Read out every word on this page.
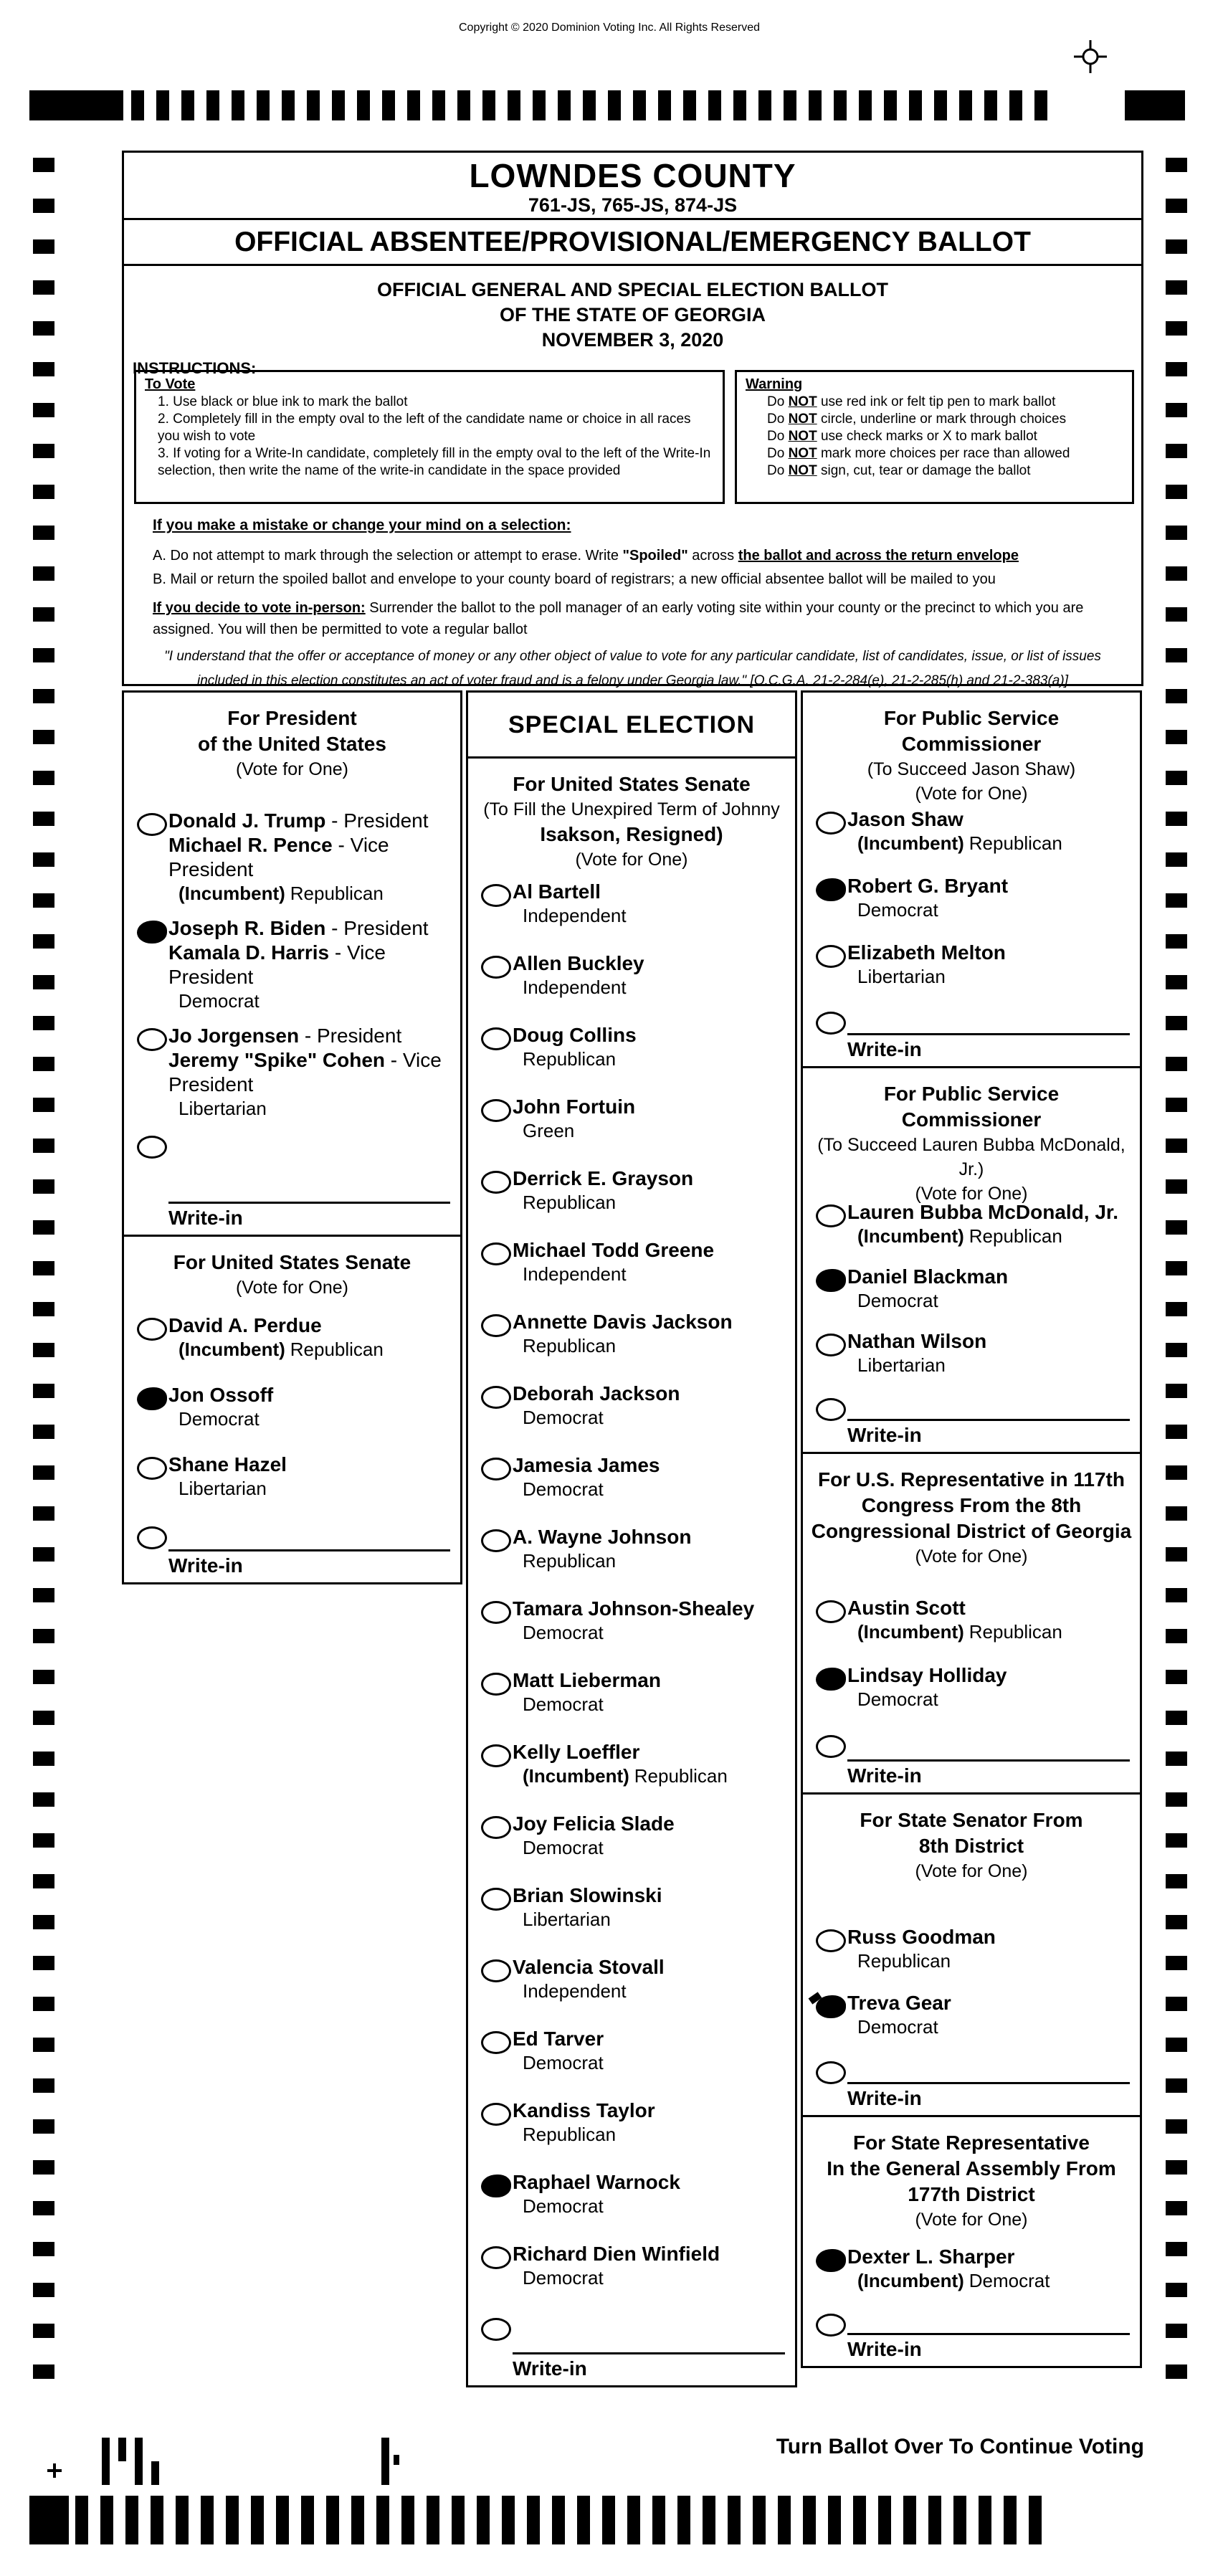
Copyright © 2020 Dominion Voting Inc. All Rights Reserved
LOWNDES COUNTY
761-JS, 765-JS, 874-JS
OFFICIAL ABSENTEE/PROVISIONAL/EMERGENCY BALLOT
OFFICIAL GENERAL AND SPECIAL ELECTION BALLOT
OF THE STATE OF GEORGIA
NOVEMBER 3, 2020
INSTRUCTIONS:
To Vote
1. Use black or blue ink to mark the ballot
2. Completely fill in the empty oval to the left of the candidate name or choice in all races you wish to vote
3. If voting for a Write-In candidate, completely fill in the empty oval to the left of the Write-In selection, then write the name of the write-in candidate in the space provided
Warning
Do NOT use red ink or felt tip pen to mark ballot
Do NOT circle, underline or mark through choices
Do NOT use check marks or X to mark ballot
Do NOT mark more choices per race than allowed
Do NOT sign, cut, tear or damage the ballot
If you make a mistake or change your mind on a selection:
A. Do not attempt to mark through the selection or attempt to erase. Write "Spoiled" across the ballot and across the return envelope
B. Mail or return the spoiled ballot and envelope to your county board of registrars; a new official absentee ballot will be mailed to you
If you decide to vote in-person: Surrender the ballot to the poll manager of an early voting site within your county or the precinct to which you are assigned. You will then be permitted to vote a regular ballot
"I understand that the offer or acceptance of money or any other object of value to vote for any particular candidate, list of candidates, issue, or list of issues included in this election constitutes an act of voter fraud and is a felony under Georgia law." [O.C.G.A. 21-2-284(e), 21-2-285(h) and 21-2-383(a)]
For President
of the United States
(Vote for One)
Donald J. Trump - President
Michael R. Pence - Vice President
(Incumbent) Republican
Joseph R. Biden - President
Kamala D. Harris - Vice President
Democrat
Jo Jorgensen - President
Jeremy "Spike" Cohen - Vice President
Libertarian
Write-in
For United States Senate
(Vote for One)
David A. Perdue
(Incumbent) Republican
Jon Ossoff
Democrat
Shane Hazel
Libertarian
Write-in
SPECIAL ELECTION
For United States Senate
(To Fill the Unexpired Term of Johnny
Isakson, Resigned)
(Vote for One)
Al Bartell
Independent
Allen Buckley
Independent
Doug Collins
Republican
John Fortuin
Green
Derrick E. Grayson
Republican
Michael Todd Greene
Independent
Annette Davis Jackson
Republican
Deborah Jackson
Democrat
Jamesia James
Democrat
A. Wayne Johnson
Republican
Tamara Johnson-Shealey
Democrat
Matt Lieberman
Democrat
Kelly Loeffler
(Incumbent) Republican
Joy Felicia Slade
Democrat
Brian Slowinski
Libertarian
Valencia Stovall
Independent
Ed Tarver
Democrat
Kandiss Taylor
Republican
Raphael Warnock
Democrat
Richard Dien Winfield
Democrat
Write-in
For Public Service
Commissioner
(To Succeed Jason Shaw)
(Vote for One)
Jason Shaw
(Incumbent) Republican
Robert G. Bryant
Democrat
Elizabeth Melton
Libertarian
Write-in
For Public Service
Commissioner
(To Succeed Lauren Bubba McDonald, Jr.)
(Vote for One)
Lauren Bubba McDonald, Jr.
(Incumbent) Republican
Daniel Blackman
Democrat
Nathan Wilson
Libertarian
Write-in
For U.S. Representative in 117th
Congress From the 8th
Congressional District of Georgia
(Vote for One)
Austin Scott
(Incumbent) Republican
Lindsay Holliday
Democrat
Write-in
For State Senator From
8th District
(Vote for One)
Russ Goodman
Republican
Treva Gear
Democrat
Write-in
For State Representative
In the General Assembly From
177th District
(Vote for One)
Dexter L. Sharper
(Incumbent) Democrat
Write-in
Turn Ballot Over To Continue Voting
